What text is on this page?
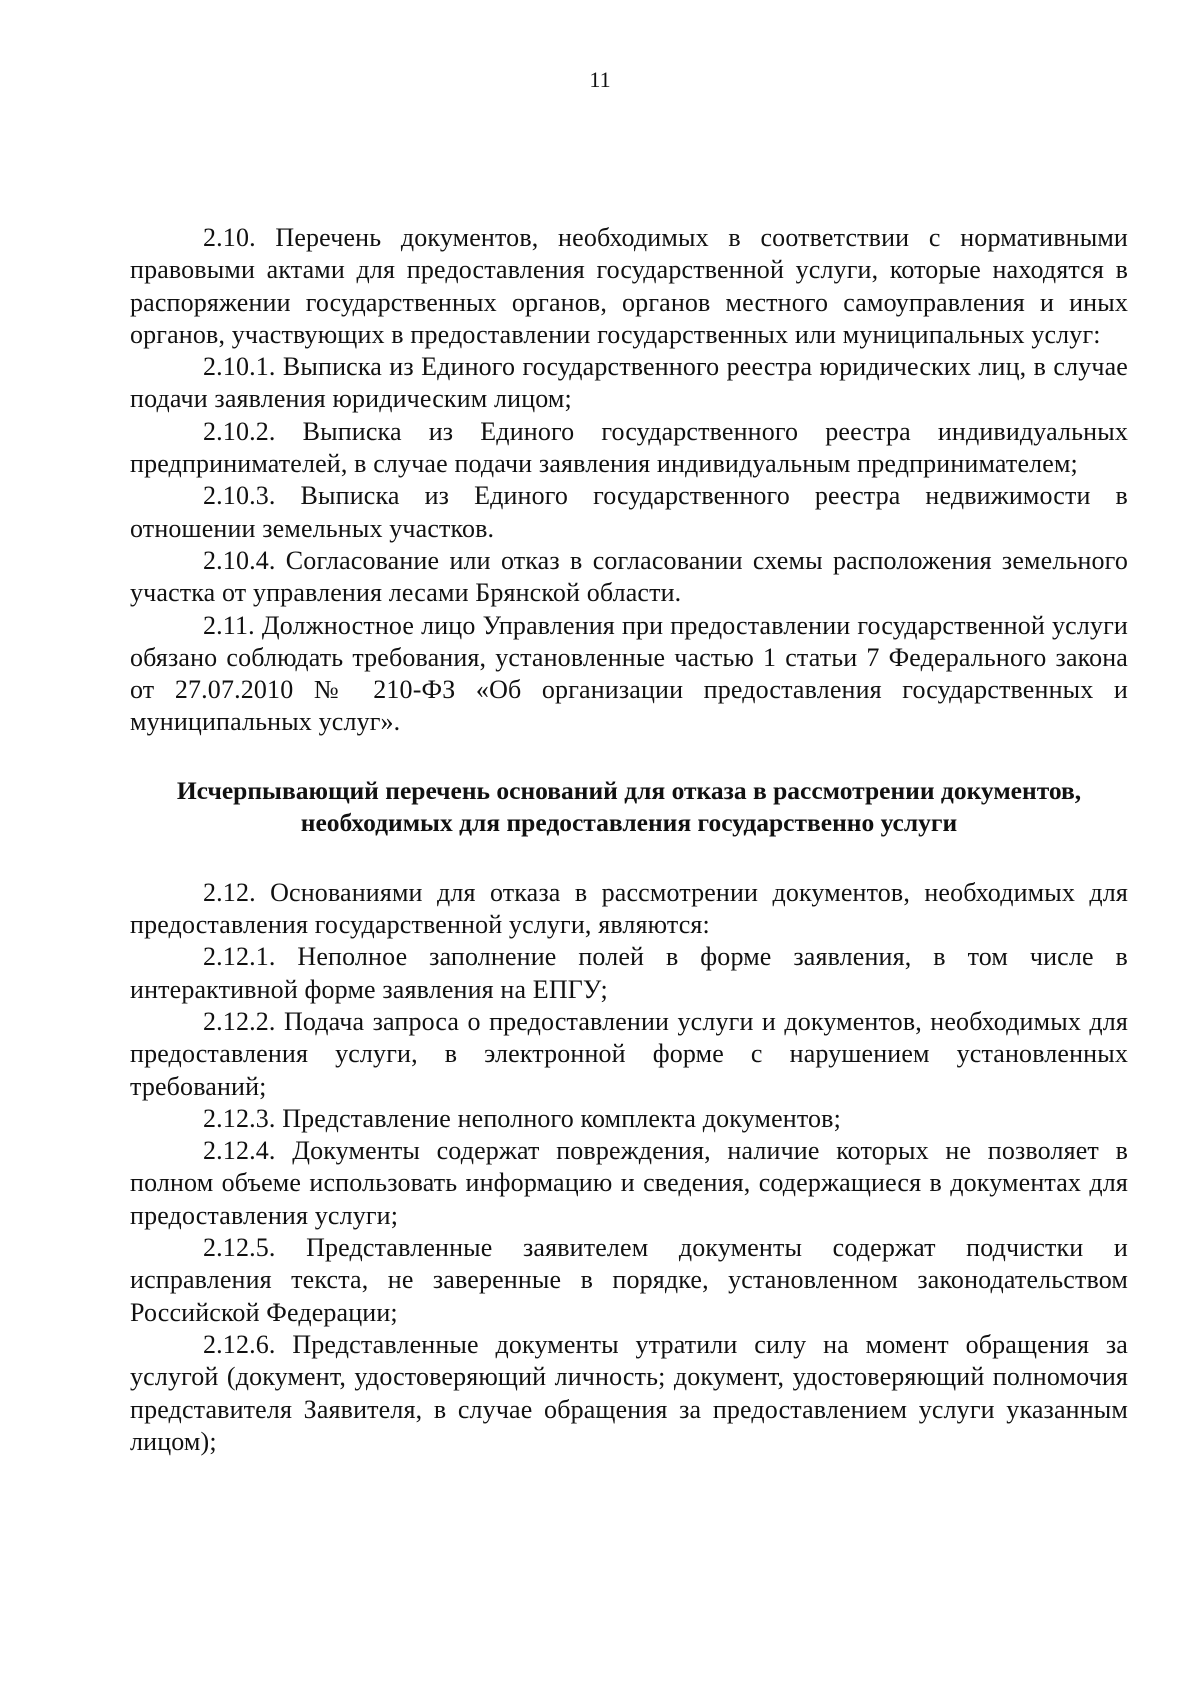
11

2.10. Перечень документов, необходимых в соответствии с нормативными правовыми актами для предоставления государственной услуги, которые находятся в распоряжении государственных органов, органов местного самоуправления и иных органов, участвующих в предоставлении государственных или муниципальных услуг:

2.10.1. Выписка из Единого государственного реестра юридических лиц, в случае подачи заявления юридическим лицом;

2.10.2. Выписка из Единого государственного реестра индивидуальных предпринимателей, в случае подачи заявления индивидуальным предпринимателем;

2.10.3. Выписка из Единого государственного реестра недвижимости в отношении земельных участков.

2.10.4. Согласование или отказ в согласовании схемы расположения земельного участка от управления лесами Брянской области.

2.11. Должностное лицо Управления при предоставлении государственной услуги обязано соблюдать требования, установленные частью 1 статьи 7 Федерального закона от 27.07.2010 № 210-ФЗ «Об организации предоставления государственных и муниципальных услуг».

Исчерпывающий перечень оснований для отказа в рассмотрении документов,
необходимых для предоставления государственно услуги

2.12. Основаниями для отказа в рассмотрении документов, необходимых для предоставления государственной услуги, являются:

2.12.1. Неполное заполнение полей в форме заявления, в том числе в интерактивной форме заявления на ЕПГУ;

2.12.2. Подача запроса о предоставлении услуги и документов, необходимых для предоставления услуги, в электронной форме с нарушением установленных требований;

2.12.3. Представление неполного комплекта документов;

2.12.4. Документы содержат повреждения, наличие которых не позволяет в полном объеме использовать информацию и сведения, содержащиеся в документах для предоставления услуги;

2.12.5. Представленные заявителем документы содержат подчистки и исправления текста, не заверенные в порядке, установленном законодательством Российской Федерации;

2.12.6. Представленные документы утратили силу на момент обращения за услугой (документ, удостоверяющий личность; документ, удостоверяющий полномочия представителя Заявителя, в случае обращения за предоставлением услуги указанным лицом);
